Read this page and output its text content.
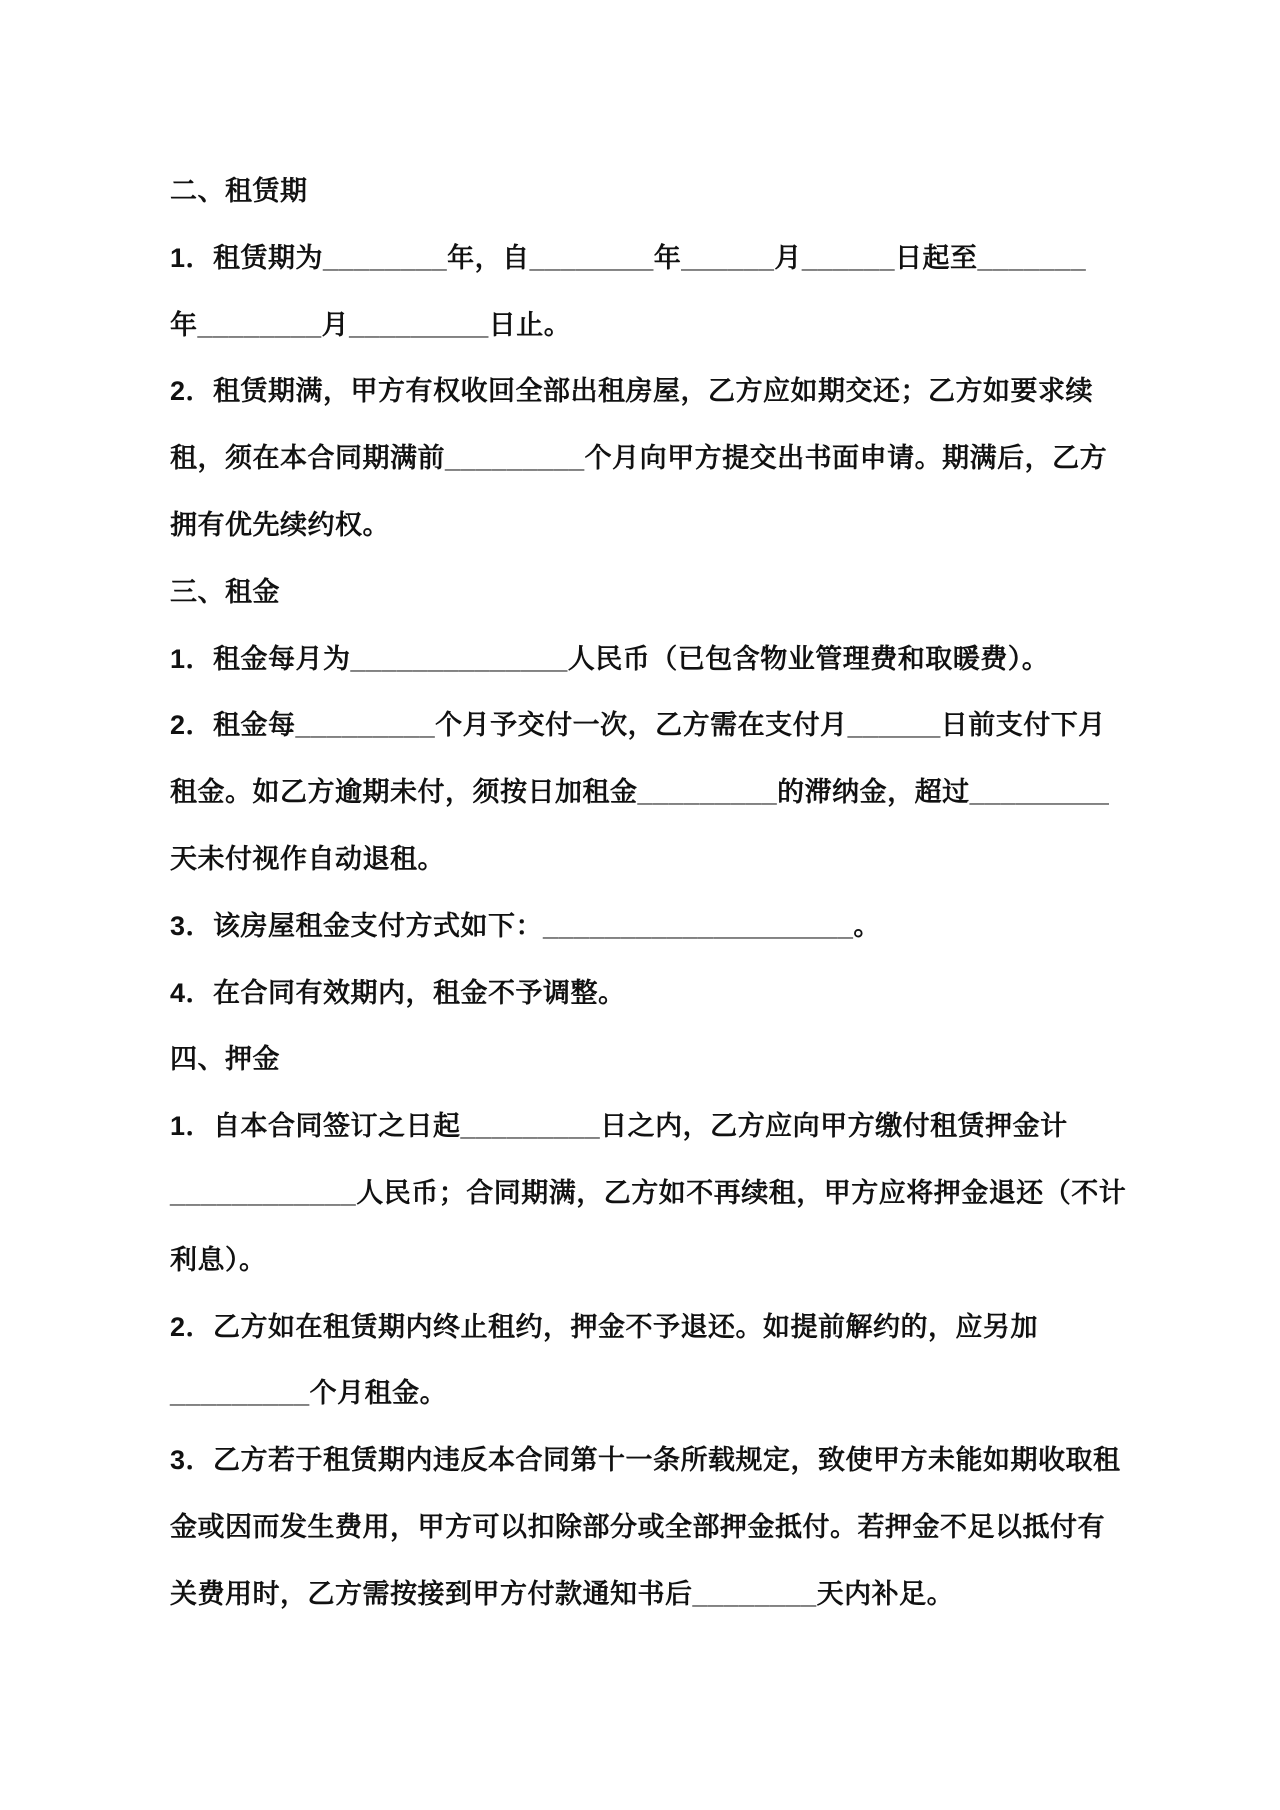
二、租赁期
1．租赁期为________年，自________年______月______日起至_______
年________月_________日止。
2．租赁期满，甲方有权收回全部出租房屋，乙方应如期交还；乙方如要求续
租，须在本合同期满前_________个月向甲方提交出书面申请。期满后，乙方
拥有优先续约权。
三、租金
1．租金每月为______________人民币（已包含物业管理费和取暖费）。
2．租金每_________个月予交付一次，乙方需在支付月______日前支付下月
租金。如乙方逾期未付，须按日加租金_________的滞纳金，超过_________
天未付视作自动退租。
3．该房屋租金支付方式如下：____________________。
4．在合同有效期内，租金不予调整。
四、押金
1．自本合同签订之日起_________日之内，乙方应向甲方缴付租赁押金计
____________人民币；合同期满，乙方如不再续租，甲方应将押金退还（不计
利息）。
2．乙方如在租赁期内终止租约，押金不予退还。如提前解约的，应另加
_________个月租金。
3．乙方若于租赁期内违反本合同第十一条所载规定，致使甲方未能如期收取租
金或因而发生费用，甲方可以扣除部分或全部押金抵付。若押金不足以抵付有
关费用时，乙方需按接到甲方付款通知书后________天内补足。
